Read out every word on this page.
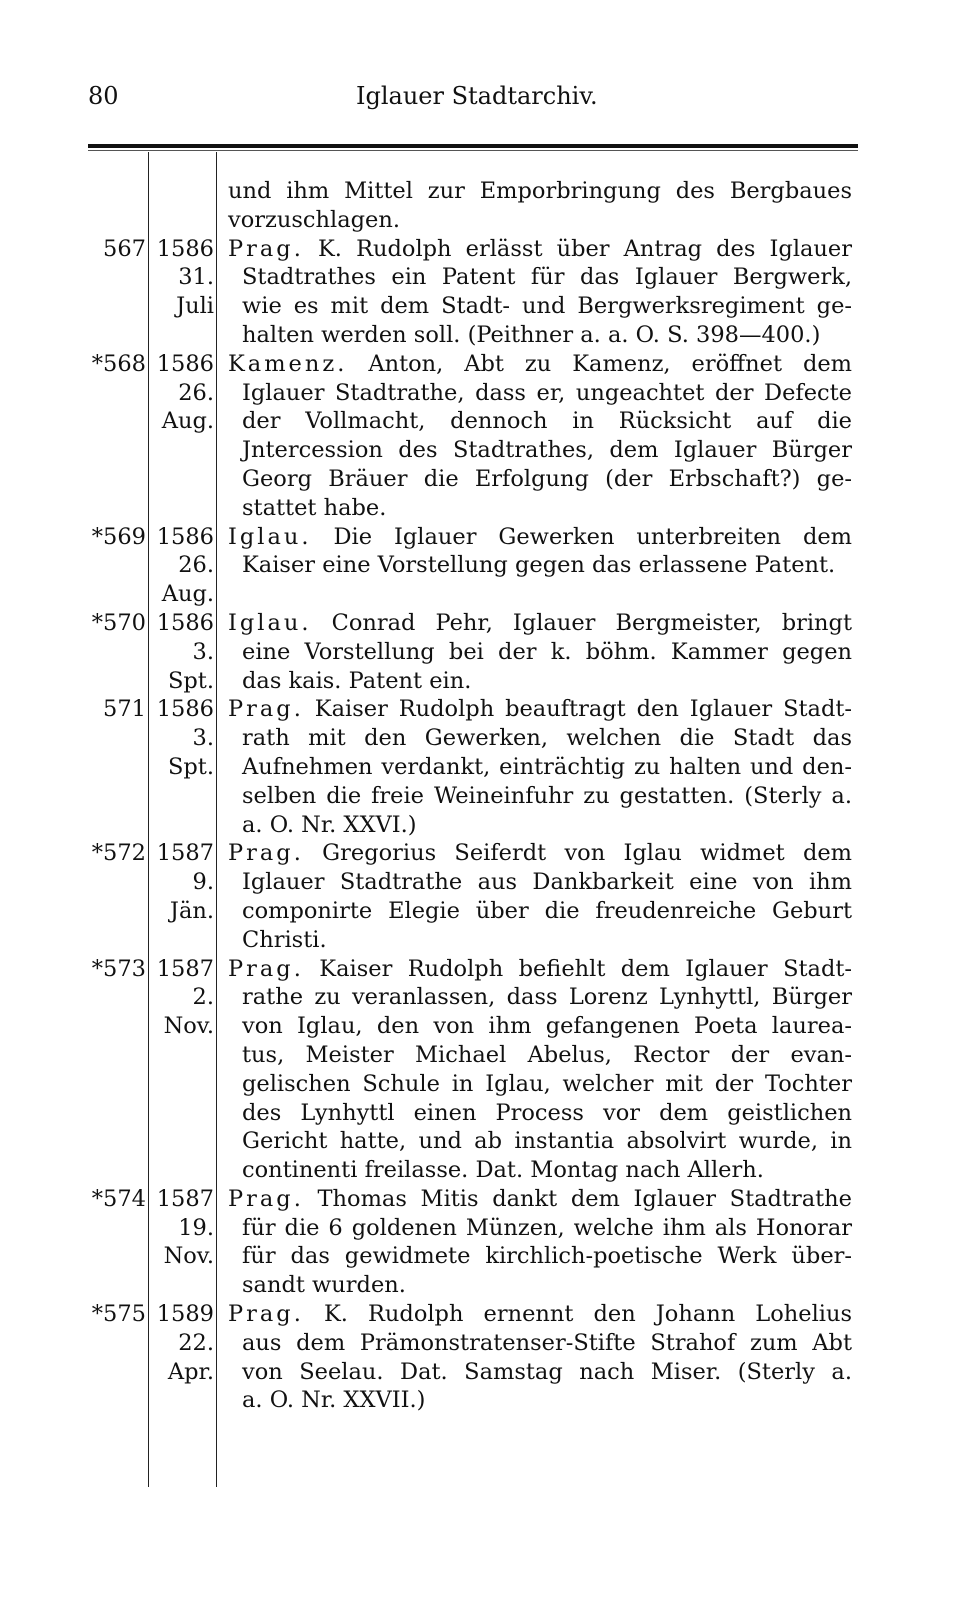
80	Iglauer Stadtarchiv.
und ihm Mittel zur Emporbringung des Bergbaues
vorzuschlagen.
567 1586 Prag. K. Rudolph erlässt über Antrag des Iglauer
31. Stadtrathes ein Patent für das Iglauer Bergwerk,
Juli wie es mit dem Stadt- und Bergwerksregiment ge-
halten werden soll. (Peithner a. a. O. S. 398—400.)
*568 1586 Kamenz. Anton, Abt zu Kamenz, eröffnet dem
26. Iglauer Stadtrathe, dass er, ungeachtet der Defecte
Aug. der Vollmacht, dennoch in Rücksicht auf die
Jntercession des Stadtrathes, dem Iglauer Bürger
Georg Bräuer die Erfolgung (der Erbschaft?) ge-
stattet habe.
*569 1586 Iglau. Die Iglauer Gewerken unterbreiten dem
26. Kaiser eine Vorstellung gegen das erlassene Patent.
Aug.
*570 1586 Iglau. Conrad Pehr, Iglauer Bergmeister, bringt
3. eine Vorstellung bei der k. böhm. Kammer gegen
Spt. das kais. Patent ein.
571 1586 Prag. Kaiser Rudolph beauftragt den Iglauer Stadt-
3. rath mit den Gewerken, welchen die Stadt das
Spt. Aufnehmen verdankt, einträchtig zu halten und den-
selben die freie Weineinfuhr zu gestatten. (Sterly a.
a. O. Nr. XXVI.)
*572 1587 Prag. Gregorius Seiferdt von Iglau widmet dem
9. Iglauer Stadtrathe aus Dankbarkeit eine von ihm
Jän. componirte Elegie über die freudenreiche Geburt
Christi.
*573 1587 Prag. Kaiser Rudolph befiehlt dem Iglauer Stadt-
2. rathe zu veranlassen, dass Lorenz Lynhyttl, Bürger
Nov. von Iglau, den von ihm gefangenen Poeta laurea-
tus, Meister Michael Abelus, Rector der evan-
gelischen Schule in Iglau, welcher mit der Tochter
des Lynhyttl einen Process vor dem geistlichen
Gericht hatte, und ab instantia absolvirt wurde, in
continenti freilasse. Dat. Montag nach Allerh.
*574 1587 Prag. Thomas Mitis dankt dem Iglauer Stadtrathe
19. für die 6 goldenen Münzen, welche ihm als Honorar
Nov. für das gewidmete kirchlich-poetische Werk über-
sandt wurden.
*575 1589 Prag. K. Rudolph ernennt den Johann Lohelius
22. aus dem Prämonstratenser-Stifte Strahof zum Abt
Apr. von Seelau. Dat. Samstag nach Miser. (Sterly a.
a. O. Nr. XXVII.)
